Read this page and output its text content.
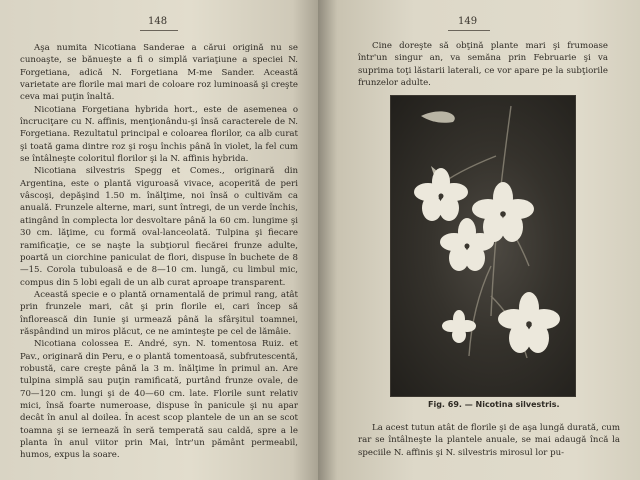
148

Aşa numita Nicotiana Sanderae a cărui origină nu se cunoaşte, se bănueşte a fi o simplă variaţiune a speciei N. Forgetiana, adică N. Forgetiana M-me Sander. Această varietate are florile mai mari de coloare roz luminoasă şi creşte ceva mai puţin înaltă.

Nicotiana Forgetiana hybrida hort., este de asemenea o încruciţare cu N. affinis, menţionându-şi însă caracterele de N. Forgetiana. Rezultatul principal e coloarea florilor, ca alb curat şi toată gama dintre roz şi roşu închis până în violet, la fel cum se întâlneşte coloritul florilor şi la N. affinis hybrida.

Nicotiana silvestris Spegg et Comes., originară din Argentina, este o plantă viguroasă vivace, acoperită de peri vâscoşi, depăşind 1.50 m. înălţime, noi însă o cultivăm ca anuală. Frunzele alterne, mari, sunt întregi, de un verde închis, atingând în complecta lor desvoltare până la 60 cm. lungime şi 30 cm. lăţime, cu formă oval-lanceolată. Tulpina şi fiecare ramificaţie, ce se naşte la subţiorul fiecărei frunze adulte, poartă un ciorchine paniculat de flori, dispuse în buchete de 8—15. Corola tubuloasă e de 8—10 cm. lungă, cu limbul mic, compus din 5 lobi egali de un alb curat aproape transparent.

Această specie e o plantă ornamentală de primul rang, atât prin frunzele mari, cât şi prin florile ei, cari încep să înflorească din Iunie şi urmează până la sfârşitul toamnei, răspândind un miros plăcut, ce ne aminteşte pe cel de lămâie.

Nicotiana colossea E. André, syn. N. tomentosa Ruiz. et Pav., originară din Peru, e o plantă tomentoasă, subfrutescentă, robustă, care creşte până la 3 m. înălţime în primul an. Are tulpina simplă sau puţin ramificată, purtând frunze ovale, de 70—120 cm. lungi şi de 40—60 cm. late. Florile sunt relativ mici, însă foarte numeroase, dispuse în panicule şi nu apar decât în anul al doilea. În acest scop plantele de un an se scot toamna şi se iernează în seră temperată sau caldă, spre a le planta în anul viitor prin Mai, într'un pământ permeabil, humos, expus la soare.

149

Cine doreşte să obţină plante mari şi frumoase într'un singur an, va semăna prin Februarie şi va suprima toţi lăstarii laterali, ce vor apare pe la subţiorile frunzelor adulte.

La acest tutun atât de florile şi de aşa lungă durată, cum rar se întâlneşte la plantele anuale, se mai adaugă încă la speciile N. affinis şi N. silvestris mirosul lor pu-

Fig. 69. — Nicotina silvestris.
